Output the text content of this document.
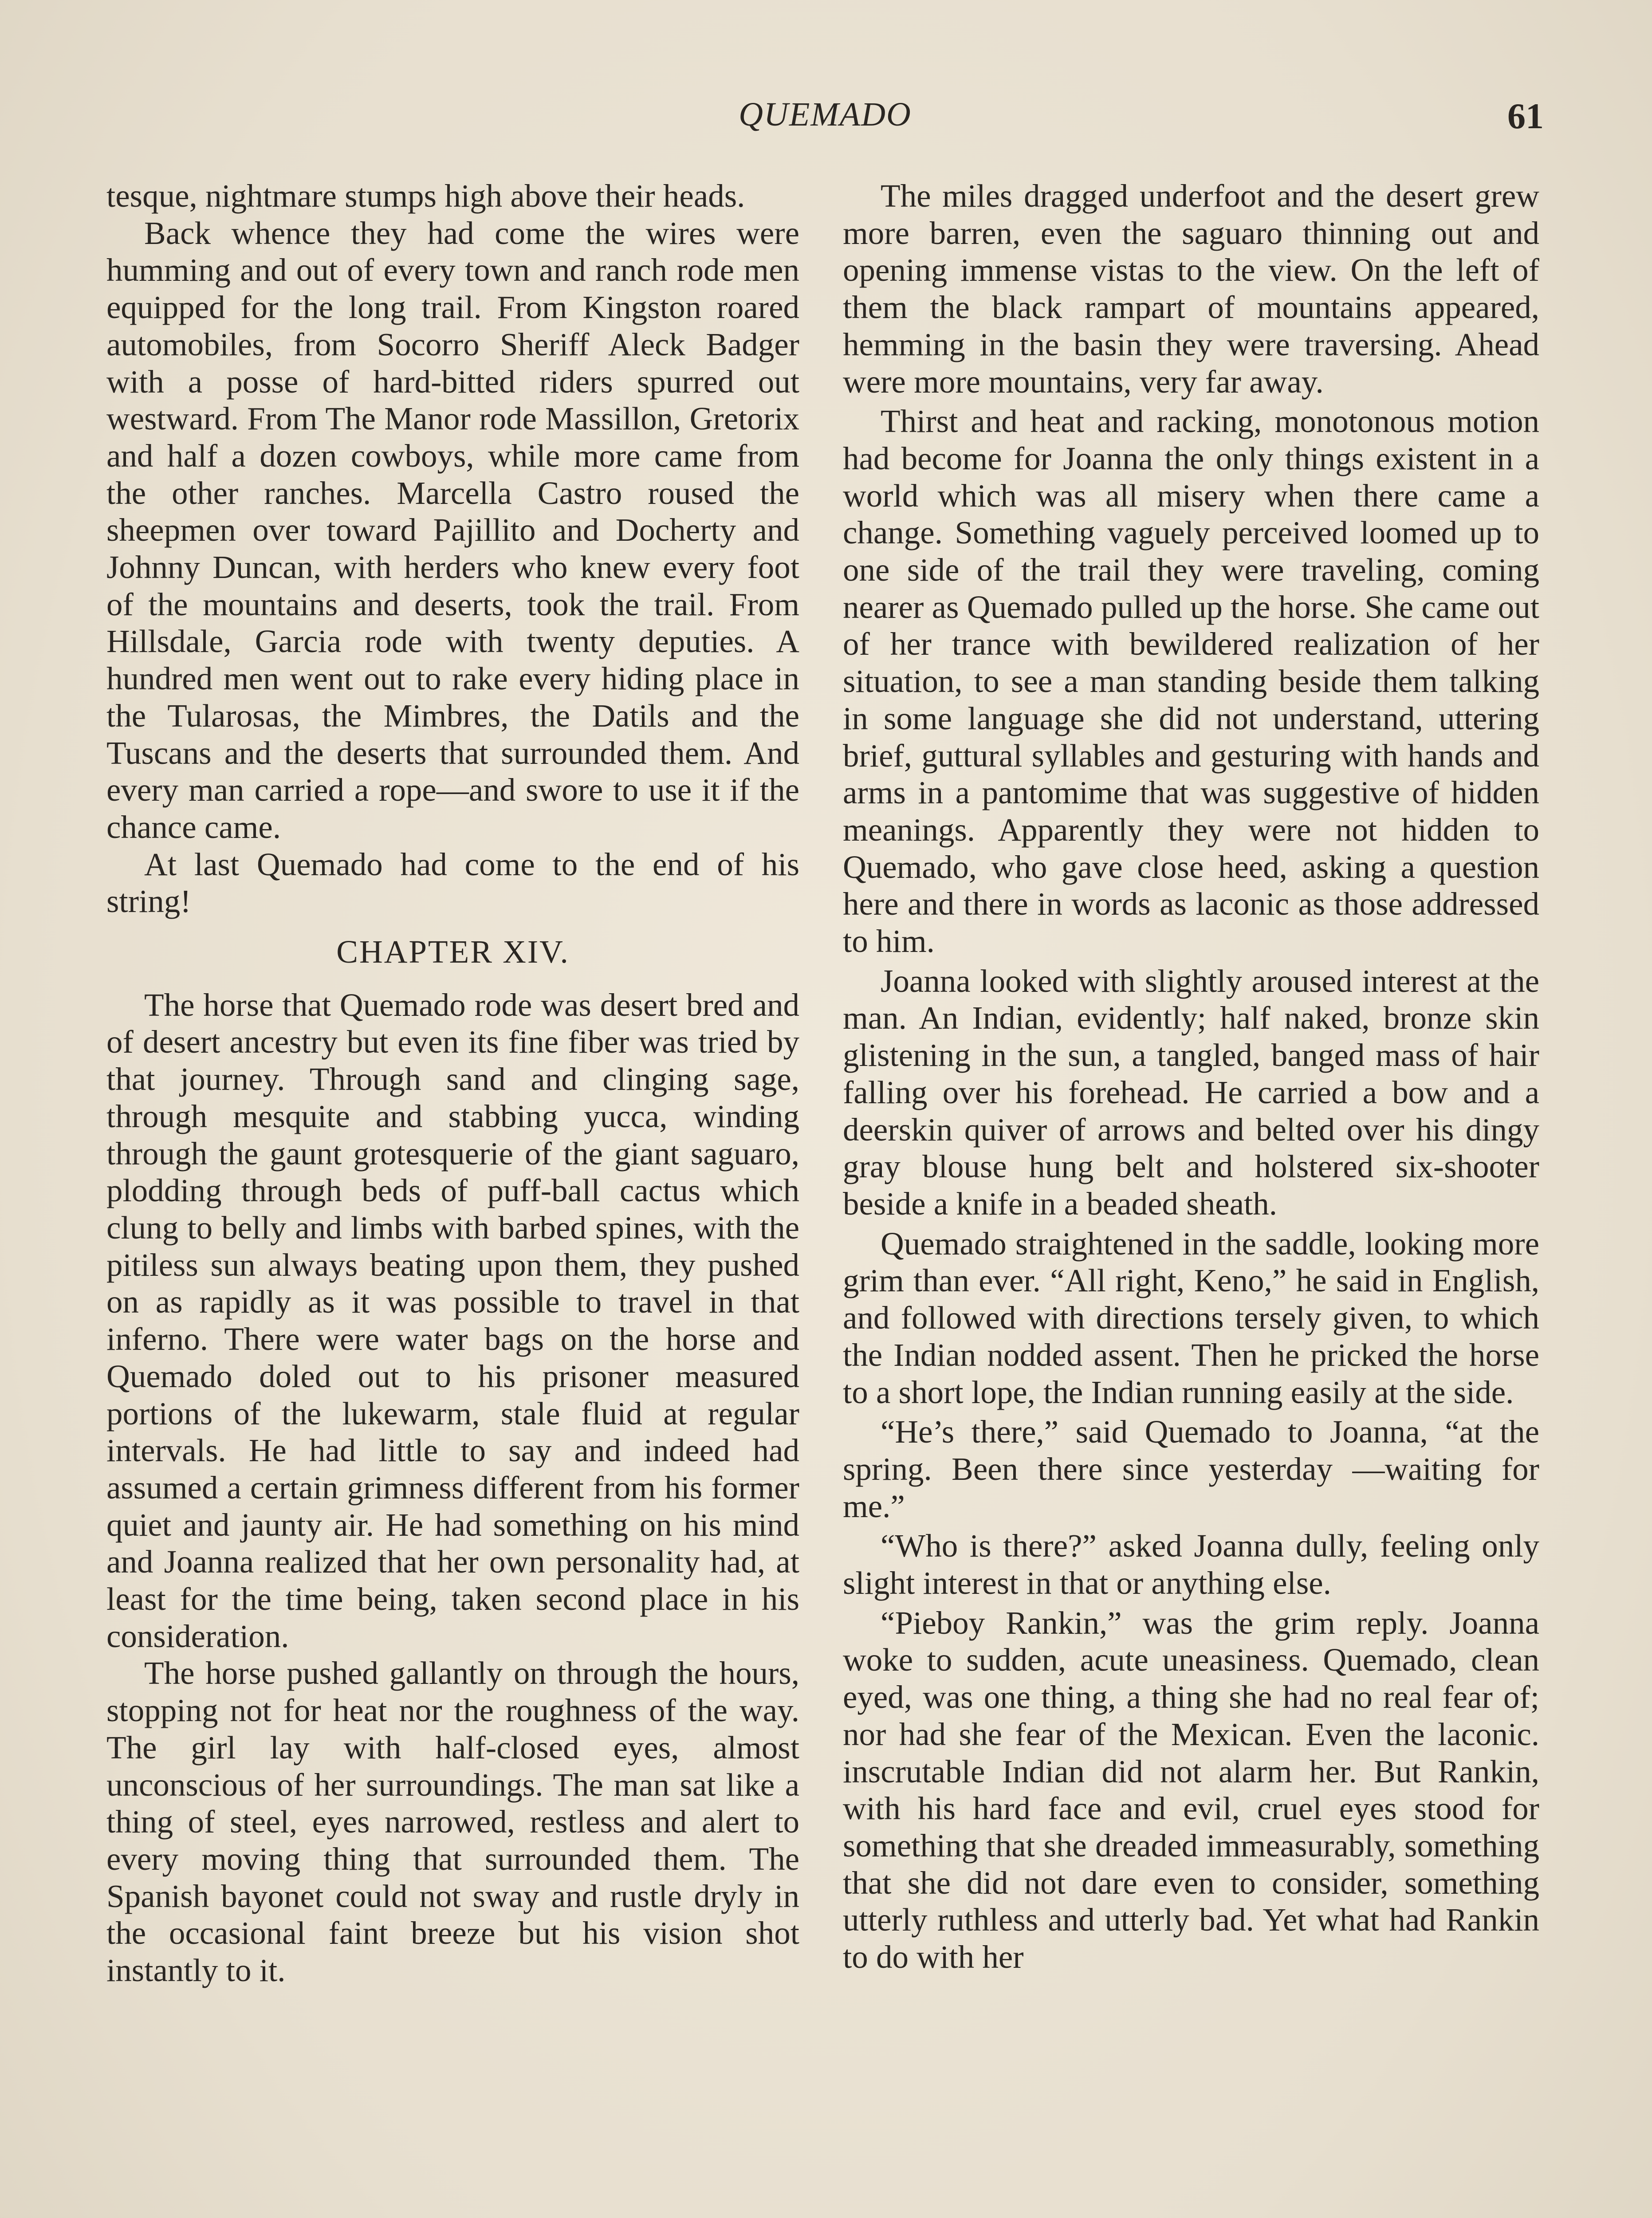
QUEMADO	61

tesque, nightmare stumps high above their heads.

Back whence they had come the wires were humming and out of every town and ranch rode men equipped for the long trail. From Kingston roared automobiles, from Socorro Sheriff Aleck Badger with a posse of hard-bitted riders spurred out westward. From The Manor rode Massillon, Gretorix and half a dozen cowboys, while more came from the other ranches. Marcella Castro roused the sheepmen over toward Pajillito and Docherty and Johnny Duncan, with herders who knew every foot of the mountains and deserts, took the trail. From Hillsdale, Garcia rode with twenty deputies. A hundred men went out to rake every hiding place in the Tularosas, the Mimbres, the Datils and the Tuscans and the deserts that surrounded them. And every man carried a rope—and swore to use it if the chance came.

At last Quemado had come to the end of his string!

CHAPTER XIV.

The horse that Quemado rode was desert bred and of desert ancestry but even its fine fiber was tried by that journey. Through sand and clinging sage, through mesquite and stabbing yucca, winding through the gaunt grotesquerie of the giant saguaro, plodding through beds of puff-ball cactus which clung to belly and limbs with barbed spines, with the pitiless sun always beating upon them, they pushed on as rapidly as it was possible to travel in that inferno. There were water bags on the horse and Quemado doled out to his prisoner measured portions of the lukewarm, stale fluid at regular intervals. He had little to say and indeed had assumed a certain grimness different from his former quiet and jaunty air. He had something on his mind and Joanna realized that her own personality had, at least for the time being, taken second place in his consideration.

The horse pushed gallantly on through the hours, stopping not for heat nor the roughness of the way. The girl lay with half-closed eyes, almost unconscious of her surroundings. The man sat like a thing of steel, eyes narrowed, restless and alert to every moving thing that surrounded them. The Spanish bayonet could not sway and rustle dryly in the occasional faint breeze but his vision shot instantly to it.

The miles dragged underfoot and the desert grew more barren, even the saguaro thinning out and opening immense vistas to the view. On the left of them the black rampart of mountains appeared, hemming in the basin they were traversing. Ahead were more mountains, very far away.

Thirst and heat and racking, monotonous motion had become for Joanna the only things existent in a world which was all misery when there came a change. Something vaguely perceived loomed up to one side of the trail they were traveling, coming nearer as Quemado pulled up the horse. She came out of her trance with bewildered realization of her situation, to see a man standing beside them talking in some language she did not understand, uttering brief, guttural syllables and gesturing with hands and arms in a pantomime that was suggestive of hidden meanings. Apparently they were not hidden to Quemado, who gave close heed, asking a question here and there in words as laconic as those addressed to him.

Joanna looked with slightly aroused interest at the man. An Indian, evidently; half naked, bronze skin glistening in the sun, a tangled, banged mass of hair falling over his forehead. He carried a bow and a deerskin quiver of arrows and belted over his dingy gray blouse hung belt and holstered six-shooter beside a knife in a beaded sheath.

Quemado straightened in the saddle, looking more grim than ever. “All right, Keno,” he said in English, and followed with directions tersely given, to which the Indian nodded assent. Then he pricked the horse to a short lope, the Indian running easily at the side.

“He’s there,” said Quemado to Joanna, “at the spring. Been there since yesterday —waiting for me.”

“Who is there?” asked Joanna dully, feeling only slight interest in that or anything else.

“Pieboy Rankin,” was the grim reply. Joanna woke to sudden, acute uneasiness. Quemado, clean eyed, was one thing, a thing she had no real fear of; nor had she fear of the Mexican. Even the laconic. inscrutable Indian did not alarm her. But Rankin, with his hard face and evil, cruel eyes stood for something that she dreaded immeasurably, something that she did not dare even to consider, something utterly ruthless and utterly bad. Yet what had Rankin to do with her
